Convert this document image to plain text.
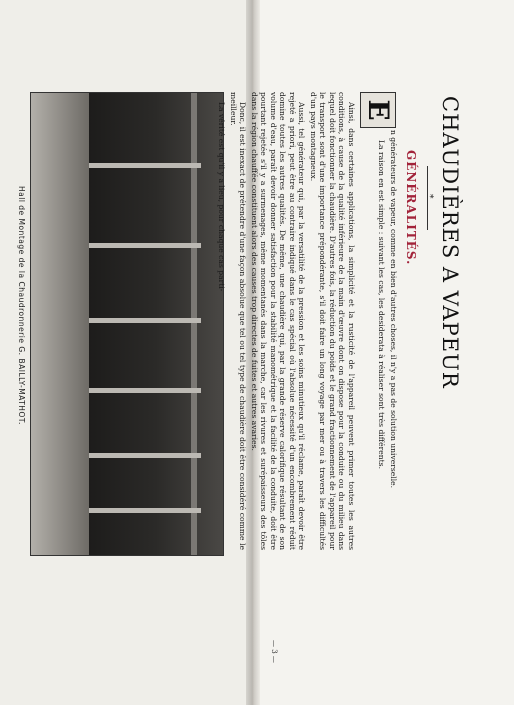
Hall de Montage de la Chaudronnerie G. BAILLY-MATHOT.	CHAUDIÈRES A VAPEUR
*
GÉNÉRALITÉS.
E

n générateurs de vapeur, comme en bien d'autres choses, il n'y a pas de solution universelle.

La raison en est simple : suivant les cas, les desiderata à réaliser sont très différents.

Ainsi, dans certaines applications, la simplicité et la rusticité de l'appareil peuvent primer toutes les autres conditions, à cause de la qualité inférieure de la main d'œuvre dont on dispose pour la conduite ou du milieu dans lequel doit fonctionner la chaudière. D'autres fois, la réduction du poids et le grand fractionnement de l'appareil pour le transport sont d'une importance prépondérante, s'il doit faire un long voyage par mer ou à travers les difficultés d'un pays montagneux.

Aussi, tel générateur qui, par la versatilité de la pression et les soins minutieux qu'il réclame, paraît devoir être rejeté a priori, peut être au contraire indiqué dans le cas spécial où l'absolue nécessité d'un encombrement réduit domine toutes les autres qualités. De même, une chaudière qui, par la grande réserve calorifique résultant de son volume d'eau, paraît devoir donner satisfaction pour la stabilité manométrique et la facilité de la conduite, doit être pourtant rejetée s'il y a surmenages, même momentanés dans la marche, car les rivures et surépaisseurs des tôles dans la région chauffée constituent alors des causes trop directes de fuites et autres avaries.

Donc, il est inexact de prétendre d'une façon absolue que tel ou tel type de chaudière doit être considéré comme le meilleur.

La vérité est qu'il y a lieu, pour chaque cas parti-

— 3 —
